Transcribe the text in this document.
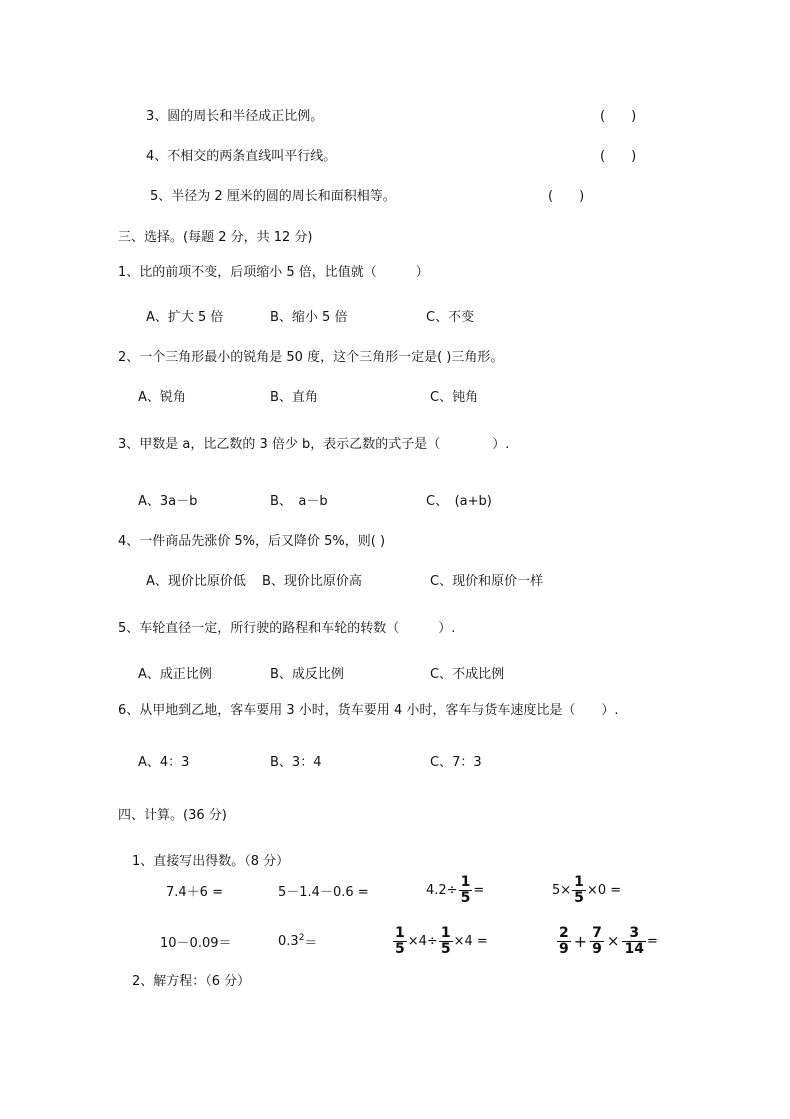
3、圆的周长和半径成正比例。	(　　)
4、不相交的两条直线叫平行线。	(　　)
5、半径为 2 厘米的圆的周长和面积相等。	(　　)
三、选择。(每题 2 分，共 12 分)
1、比的前项不变，后项缩小 5 倍，比值就（　　　）
A、扩大 5 倍	B、缩小 5 倍	C、不变
2、一个三角形最小的锐角是 50 度，这个三角形一定是( )三角形。
A、锐角	B、直角	C、钝角
3、甲数是 a，比乙数的 3 倍少 b，表示乙数的式子是（　　　　）.
A、3a－b	B、　a－b	C、　(a+b)
4、一件商品先涨价 5%，后又降价 5%，则( )
A、现价比原价低 B、现价比原价高	C、现价和原价一样
5、车轮直径一定，所行驶的路程和车轮的转数（　　　）.
A、成正比例	B、成反比例	C、不成比例
6、从甲地到乙地，客车要用 3 小时，货车要用 4 小时，客车与货车速度比是（　　）.
A、4：3	B、3：4	C、7：3
四、计算。(36 分)
1、直接写出得数。（8 分）
7.4＋6 =	5－1.4－0.6 =	$4.2\div \frac{1}{5}$ =	$5\times \frac{1}{5} \times 0$ =
10－0.09＝	$0.3^2$ ＝	$\frac{1}{5} \times 4\div \frac{1}{5} \times 4$ =	$\frac{2}{9} + \frac{7}{9} \times \frac{3}{14}$ =
2、解方程：（6 分）
